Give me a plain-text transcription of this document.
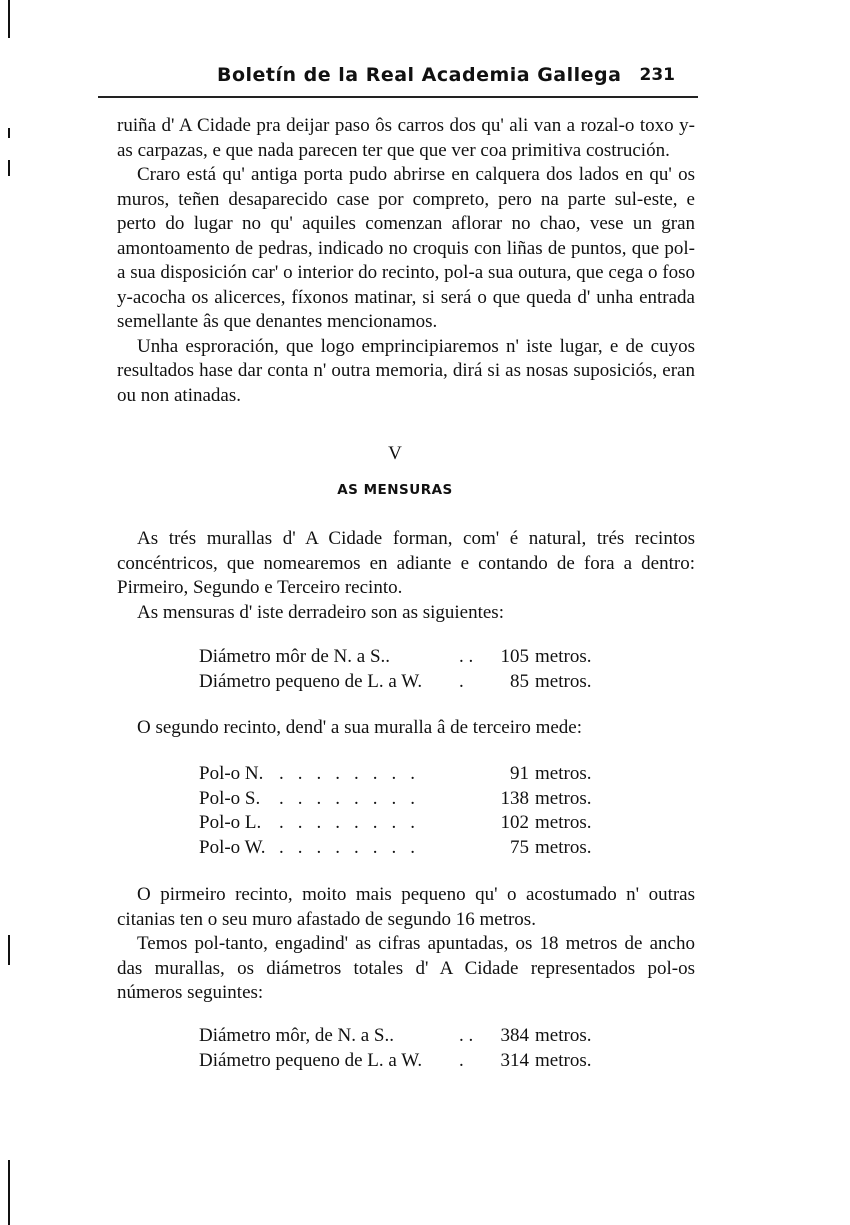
Boletín de la Real Academia Gallega 231

ruiña d' A Cidade pra deijar paso ôs carros dos qu' ali van a rozal-o toxo y-as carpazas, e que nada parecen ter que que ver coa primitiva costrución.

Craro está qu' antiga porta pudo abrirse en calquera dos lados en qu' os muros, teñen desaparecido case por compreto, pero na parte sul-este, e perto do lugar no qu' aquiles comenzan aflorar no chao, vese un gran amontoamento de pedras, indicado no croquis con liñas de puntos, que pol-a sua disposición car' o interior do recinto, pol-a sua outura, que cega o foso y-acocha os alicerces, fíxonos matinar, si será o que queda d' unha entrada semellante âs que denantes mencionamos.

Unha esproración, que logo emprincipiaremos n' iste lugar, e de cuyos resultados hase dar conta n' outra memoria, dirá si as nosas suposiciós, eran ou non atinadas.

V
AS MENSURAS

As trés murallas d' A Cidade forman, com' é natural, trés recintos concéntricos, que nomearemos en adiante e contando de fora a dentro: Pirmeiro, Segundo e Terceiro recinto.

As mensuras d' iste derradeiro son as siguientes:

Diámetro môr de N. a S..	. .	105 metros.
Diámetro pequeno de L. a W.	.	85 metros.

O segundo recinto, dend' a sua muralla â de terceiro mede:

Pol-o N. ........	91 metros.
Pol-o S. ........	138 metros.
Pol-o L. ........	102 metros.
Pol-o W. ........	75 metros.

O pirmeiro recinto, moito mais pequeno qu' o acostumado n' outras citanias ten o seu muro afastado de segundo 16 metros.

Temos pol-tanto, engadind' as cifras apuntadas, os 18 metros de ancho das murallas, os diámetros totales d' A Cidade representados pol-os números seguintes:

Diámetro môr, de N. a S..	. .	384 metros.
Diámetro pequeno de L. a W.	.	314 metros.
